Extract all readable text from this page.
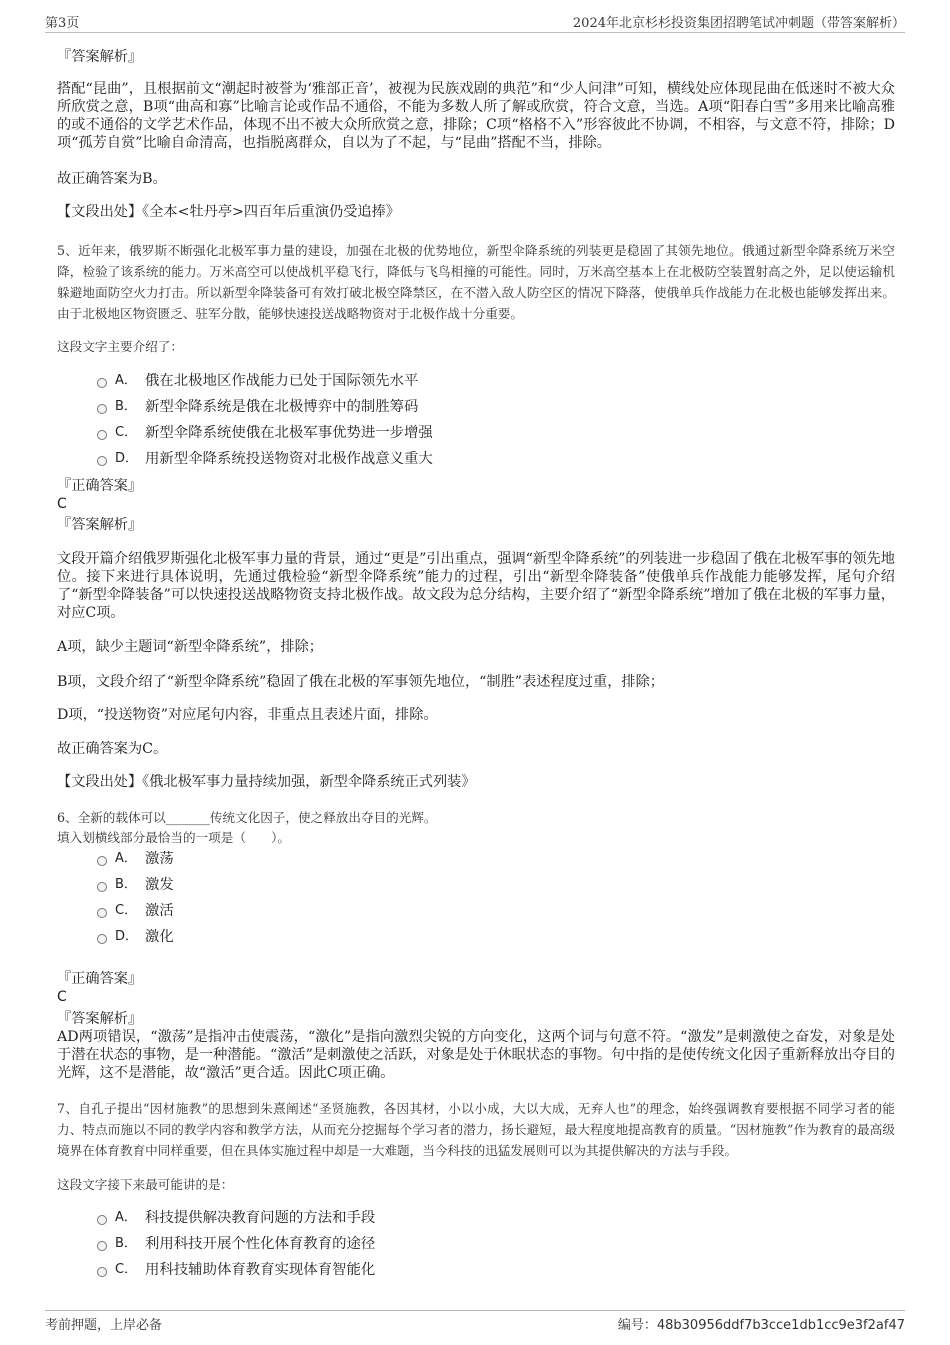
第3页	2024年北京杉杉投资集团招聘笔试冲刺题（带答案解析）
『答案解析』
搭配“昆曲”，且根据前文“潮起时被誉为‘雅部正音’，被视为民族戏剧的典范”和“少人问津”可知，横线处应体现昆曲在低迷时不被大众所欣赏之意，B项“曲高和寡”比喻言论或作品不通俗，不能为多数人所了解或欣赏，符合文意，当选。A项“阳春白雪”多用来比喻高雅的或不通俗的文学艺术作品，体现不出不被大众所欣赏之意，排除；C项“格格不入”形容彼此不协调，不相容，与文意不符，排除；D项“孤芳自赏”比喻自命清高，也指脱离群众，自以为了不起，与“昆曲”搭配不当，排除。
故正确答案为B。
【文段出处】《全本<牡丹亭>四百年后重演仍受追捧》
5、近年来，俄罗斯不断强化北极军事力量的建设，加强在北极的优势地位，新型伞降系统的列装更是稳固了其领先地位。俄通过新型伞降系统万米空降，检验了该系统的能力。万米高空可以使战机平稳飞行，降低与飞鸟相撞的可能性。同时，万米高空基本上在北极防空装置射高之外，足以使运输机躲避地面防空火力打击。所以新型伞降装备可有效打破北极空降禁区，在不潜入敌人防空区的情况下降落，使俄单兵作战能力在北极也能够发挥出来。由于北极地区物资匮乏、驻军分散，能够快速投送战略物资对于北极作战十分重要。
这段文字主要介绍了：
A． 俄在北极地区作战能力已处于国际领先水平
B． 新型伞降系统是俄在北极博弈中的制胜筹码
C． 新型伞降系统使俄在北极军事优势进一步增强
D． 用新型伞降系统投送物资对北极作战意义重大
『正确答案』
C
『答案解析』
文段开篇介绍俄罗斯强化北极军事力量的背景，通过“更是”引出重点，强调“新型伞降系统”的列装进一步稳固了俄在北极军事的领先地位。接下来进行具体说明，先通过俄检验“新型伞降系统”能力的过程，引出“新型伞降装备”使俄单兵作战能力能够发挥，尾句介绍了“新型伞降装备”可以快速投送战略物资支持北极作战。故文段为总分结构，主要介绍了“新型伞降系统”增加了俄在北极的军事力量，对应C项。
A项，缺少主题词“新型伞降系统”，排除；
B项，文段介绍了“新型伞降系统”稳固了俄在北极的军事领先地位，“制胜”表述程度过重，排除；
D项，“投送物资”对应尾句内容，非重点且表述片面，排除。
故正确答案为C。
【文段出处】《俄北极军事力量持续加强，新型伞降系统正式列装》
6、全新的载体可以_______传统文化因子，使之释放出夺目的光辉。
填入划横线部分最恰当的一项是（　　）。
A． 激荡
B． 激发
C． 激活
D． 激化
『正确答案』
C
『答案解析』
AD两项错误，“激荡”是指冲击使震荡，“激化”是指向激烈尖锐的方向变化，这两个词与句意不符。“激发”是刺激使之奋发，对象是处于潜在状态的事物，是一种潜能。“激活”是刺激使之活跃，对象是处于休眠状态的事物。句中指的是使传统文化因子重新释放出夺目的光辉，这不是潜能，故“激活”更合适。因此C项正确。
7、自孔子提出“因材施教”的思想到朱熹阐述“圣贤施教，各因其材，小以小成，大以大成，无弃人也”的理念，始终强调教育要根据不同学习者的能力、特点而施以不同的教学内容和教学方法，从而充分挖掘每个学习者的潜力，扬长避短，最大程度地提高教育的质量。“因材施教”作为教育的最高级境界在体育教育中同样重要，但在具体实施过程中却是一大难题，当今科技的迅猛发展则可以为其提供解决的方法与手段。
这段文字接下来最可能讲的是：
A． 科技提供解决教育问题的方法和手段
B． 利用科技开展个性化体育教育的途径
C． 用科技辅助体育教育实现体育智能化
考前押题，上岸必备	编号：48b30956ddf7b3cce1db1cc9e3f2af47
